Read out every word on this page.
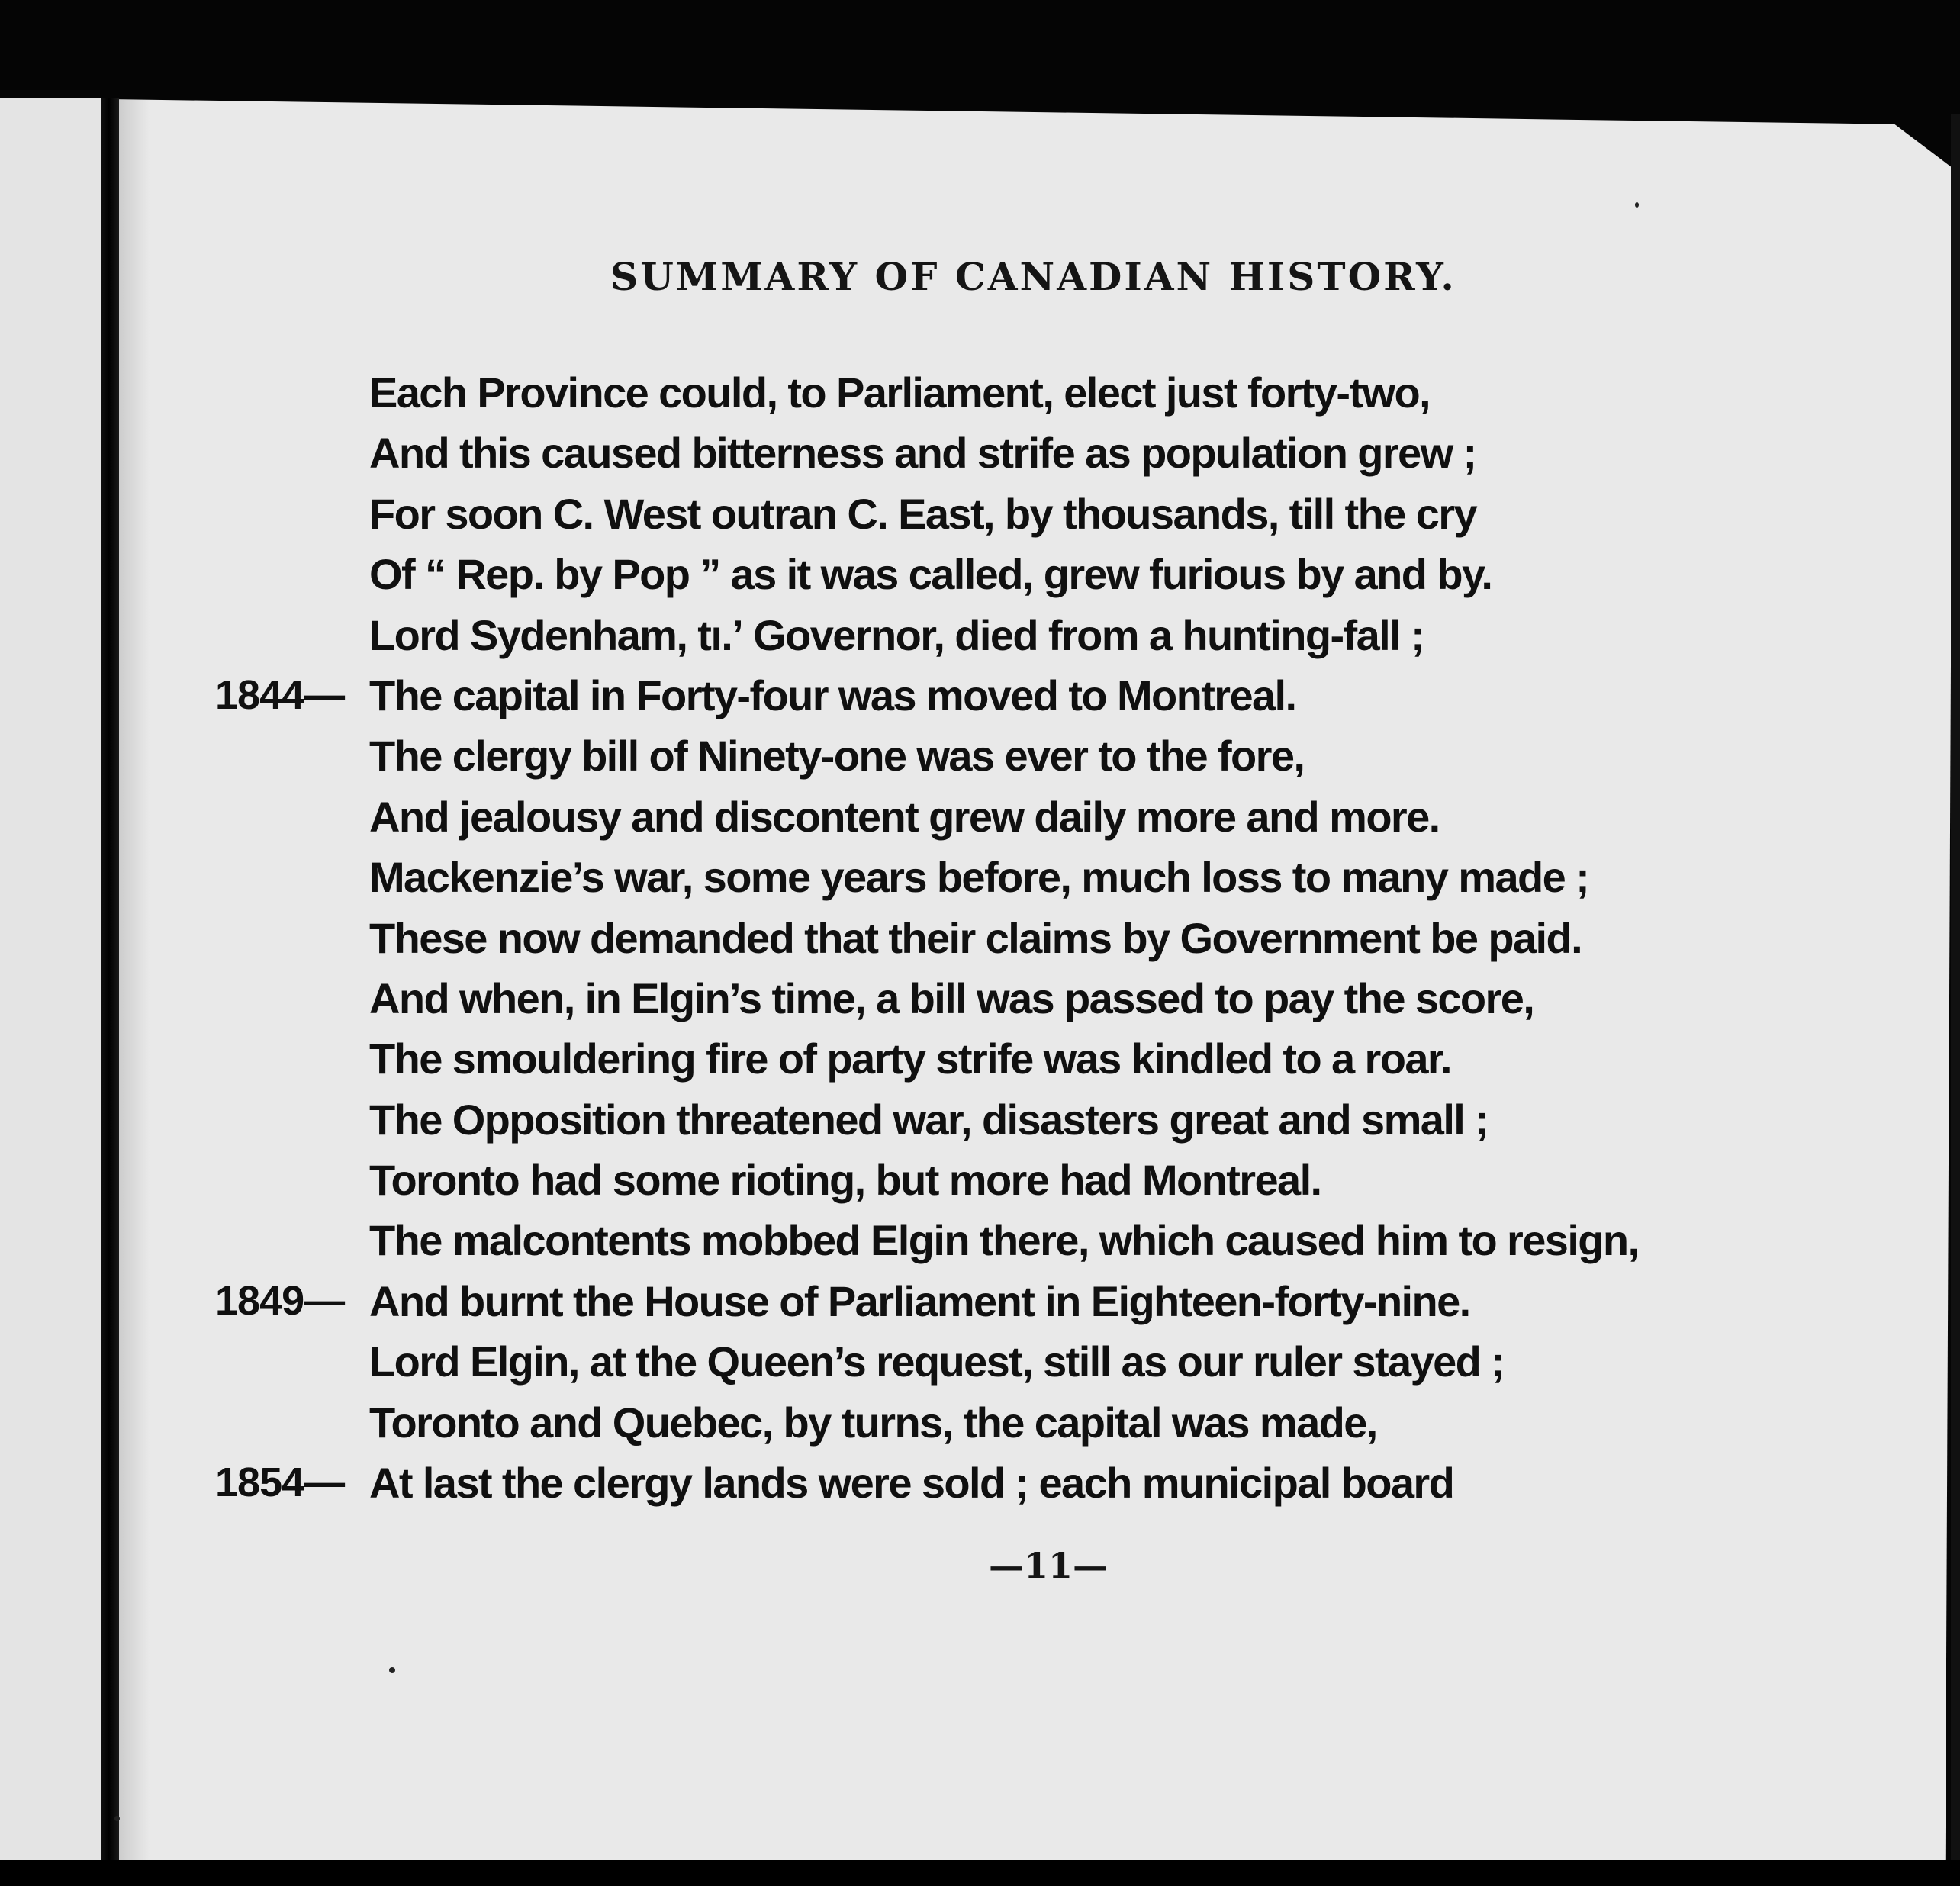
SUMMARY OF CANADIAN HISTORY.
Each Province could, to Parliament, elect just forty-two,
And this caused bitterness and strife as population grew ;
For soon C. West outran C. East, by thousands, till the cry
Of “ Rep. by Pop ” as it was called, grew furious by and by.
Lord Sydenham, tı.ʼ Governor, died from a hunting-fall ;
1844— The capital in Forty-four was moved to Montreal.
The clergy bill of Ninety-one was ever to the fore,
And jealousy and discontent grew daily more and more.
Mackenzie’s war, some years before, much loss to many made ;
These now demanded that their claims by Government be paid.
And when, in Elgin’s time, a bill was passed to pay the score,
The smouldering fire of party strife was kindled to a roar.
The Opposition threatened war, disasters great and small ;
Toronto had some rioting, but more had Montreal.
The malcontents mobbed Elgin there, which caused him to resign,
1849— And burnt the House of Parliament in Eighteen-forty-nine.
Lord Elgin, at the Queen’s request, still as our ruler stayed ;
Toronto and Quebec, by turns, the capital was made,
1854— At last the clergy lands were sold ; each municipal board
—11—
